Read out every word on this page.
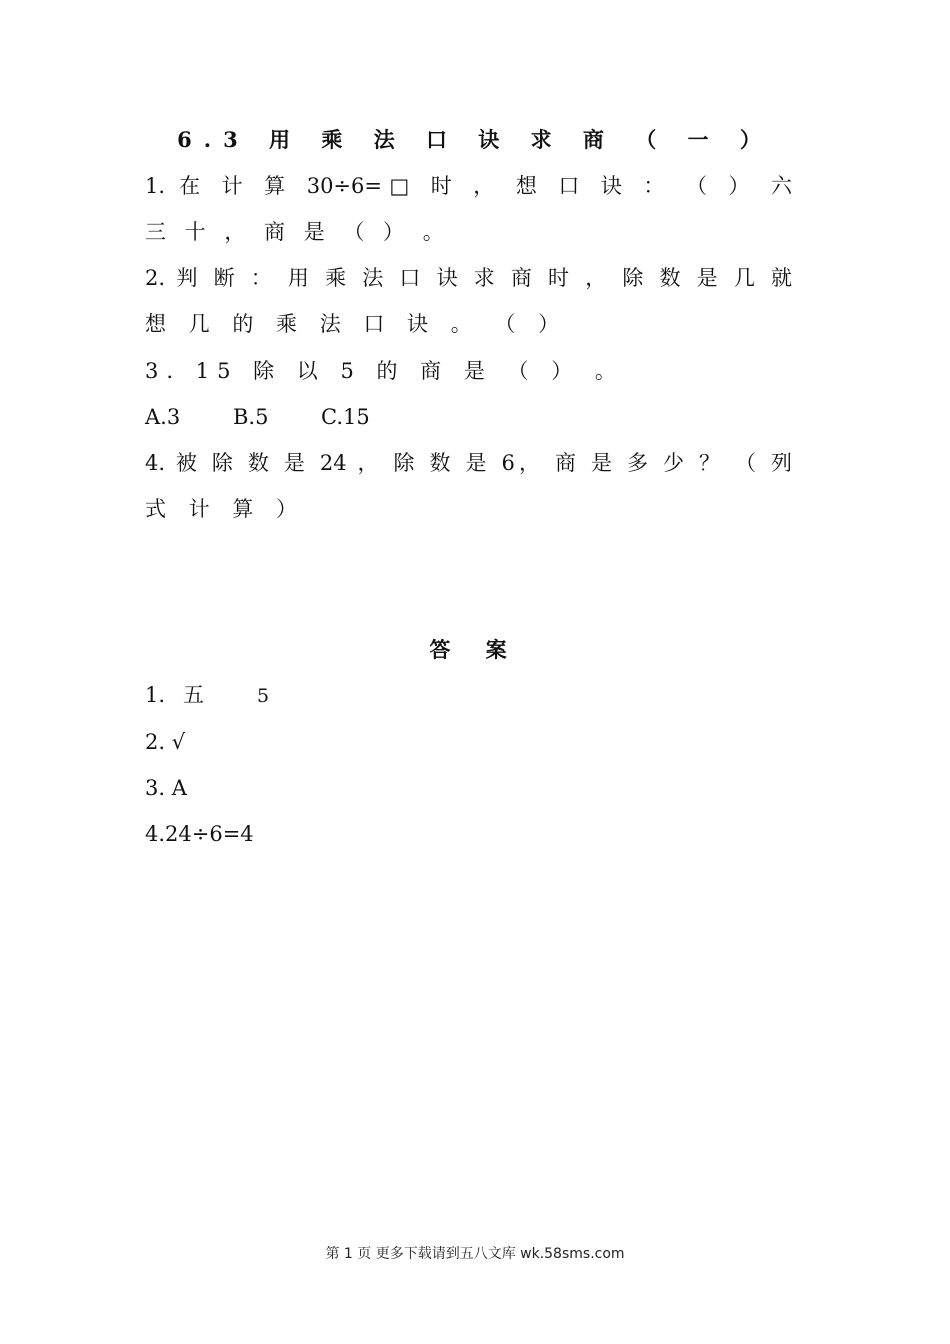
6.3 用 乘 法 口 诀 求 商 （ 一 ）
1. 在 计 算 30÷6=□ 时 ， 想 口 诀 ： （ ） 六
三 十 ， 商 是 （ ） 。
2. 判 断 ： 用 乘 法 口 诀 求 商 时 ， 除 数 是 几 就
想 几 的 乘 法 口 诀 。 （ ）
3. 15 除 以 5 的 商 是 （ ） 。
A.3	B.5	C.15
4. 被 除 数 是 24 ， 除 数 是 6， 商 是 多 少 ？ （ 列
式 计 算 ）
答 案
1. 五	5
2. √
3. A
4.24÷6=4
第 1 页 更多下载请到五八文库 wk.58sms.com
